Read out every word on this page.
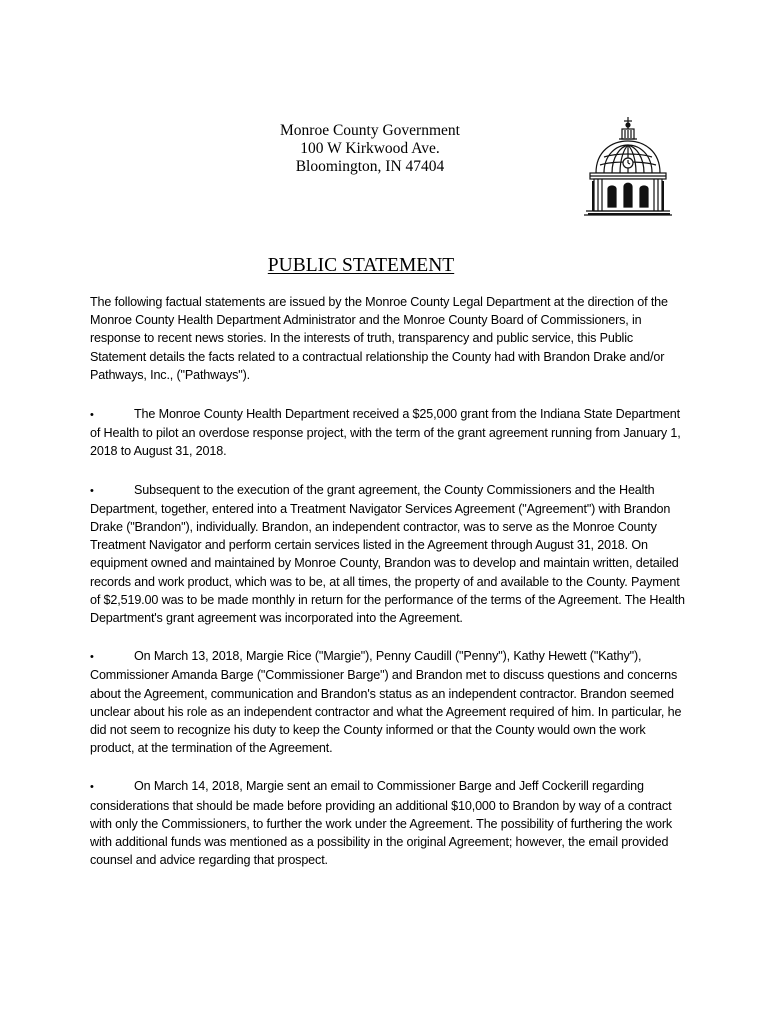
Monroe County Government
100 W Kirkwood Ave.
Bloomington, IN 47404
PUBLIC STATEMENT

The following factual statements are issued by the Monroe County Legal Department at the direction of the Monroe County Health Department Administrator and the Monroe County Board of Commissioners, in response to recent news stories. In the interests of truth, transparency and public service, this Public Statement details the facts related to a contractual relationship the County had with Brandon Drake and/or Pathways, Inc., ("Pathways").

•	The Monroe County Health Department received a $25,000 grant from the Indiana State Department of Health to pilot an overdose response project, with the term of the grant agreement running from January 1, 2018 to August 31, 2018.

•	Subsequent to the execution of the grant agreement, the County Commissioners and the Health Department, together, entered into a Treatment Navigator Services Agreement ("Agreement") with Brandon Drake ("Brandon"), individually. Brandon, an independent contractor, was to serve as the Monroe County Treatment Navigator and perform certain services listed in the Agreement through August 31, 2018. On equipment owned and maintained by Monroe County, Brandon was to develop and maintain written, detailed records and work product, which was to be, at all times, the property of and available to the County. Payment of $2,519.00 was to be made monthly in return for the performance of the terms of the Agreement. The Health Department's grant agreement was incorporated into the Agreement.

•	On March 13, 2018, Margie Rice ("Margie"), Penny Caudill ("Penny"), Kathy Hewett ("Kathy"), Commissioner Amanda Barge ("Commissioner Barge") and Brandon met to discuss questions and concerns about the Agreement, communication and Brandon's status as an independent contractor. Brandon seemed unclear about his role as an independent contractor and what the Agreement required of him. In particular, he did not seem to recognize his duty to keep the County informed or that the County would own the work product, at the termination of the Agreement.

•	On March 14, 2018, Margie sent an email to Commissioner Barge and Jeff Cockerill regarding considerations that should be made before providing an additional $10,000 to Brandon by way of a contract with only the Commissioners, to further the work under the Agreement. The possibility of furthering the work with additional funds was mentioned as a possibility in the original Agreement; however, the email provided counsel and advice regarding that prospect.
